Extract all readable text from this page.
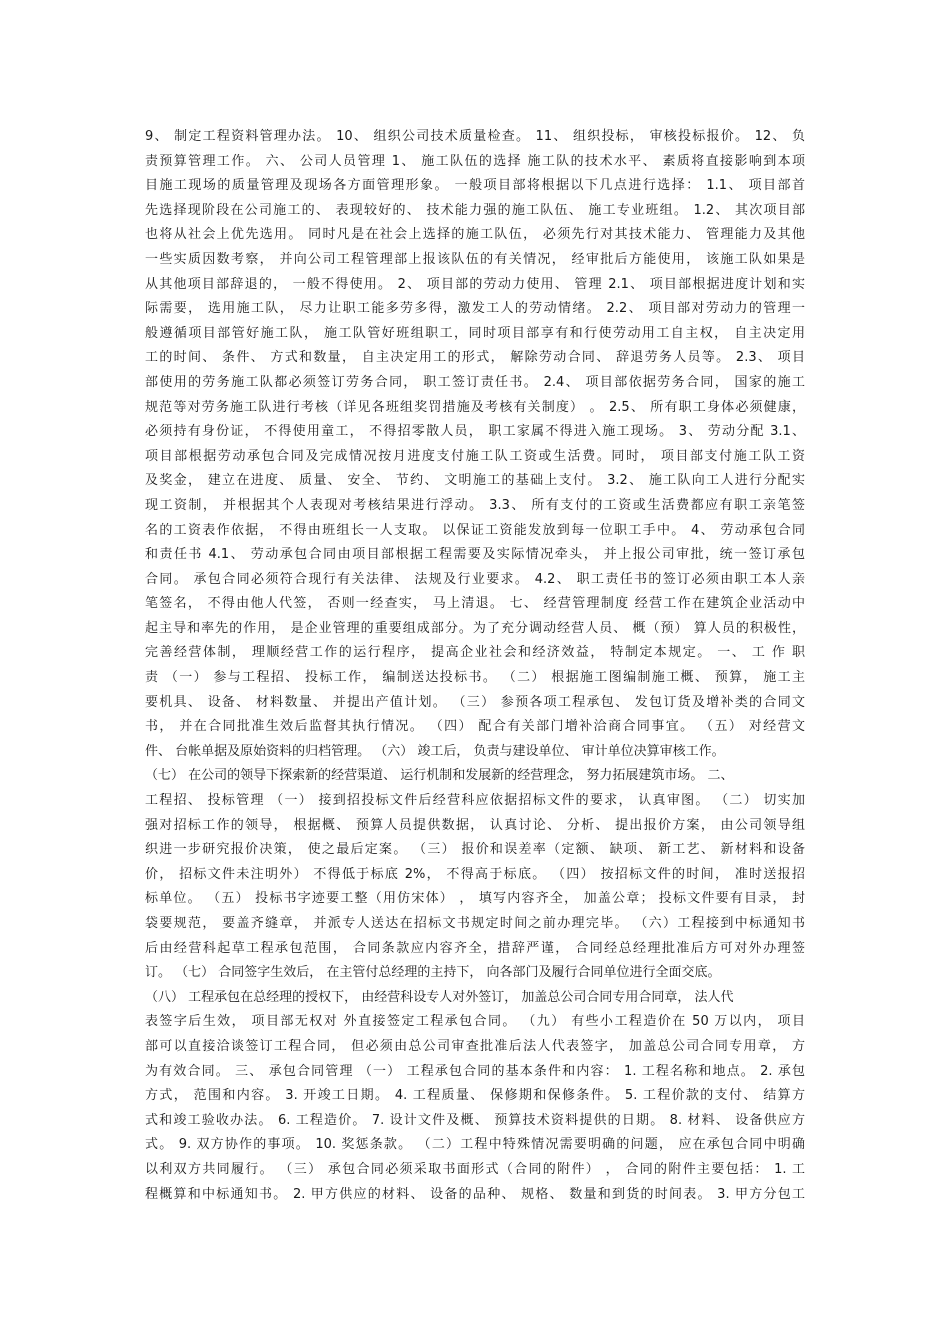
9、 制定工程资料管理办法。 10、 组织公司技术质量检查。 11、 组织投标， 审核投标报价。 12、 负
责预算管理工作。 六、 公司人员管理 1、 施工队伍的选择 施工队的技术水平、 素质将直接影响到本项
目施工现场的质量管理及现场各方面管理形象。 一般项目部将根据以下几点进行选择： 1.1、 项目部首
先选择现阶段在公司施工的、 表现较好的、 技术能力强的施工队伍、 施工专业班组。 1.2、 其次项目部
也将从社会上优先选用。 同时凡是在社会上选择的施工队伍， 必须先行对其技术能力、 管理能力及其他
一些实质因数考察， 并向公司工程管理部上报该队伍的有关情况， 经审批后方能使用， 该施工队如果是
从其他项目部辞退的， 一般不得使用。 2、 项目部的劳动力使用、 管理 2.1、 项目部根据进度计划和实
际需要， 选用施工队， 尽力让职工能多劳多得，激发工人的劳动情绪。 2.2、 项目部对劳动力的管理一
般遵循项目部管好施工队， 施工队管好班组职工，同时项目部享有和行使劳动用工自主权， 自主决定用
工的时间、 条件、 方式和数量， 自主决定用工的形式， 解除劳动合同、 辞退劳务人员等。 2.3、 项目
部使用的劳务施工队都必须签订劳务合同， 职工签订责任书。 2.4、 项目部依据劳务合同， 国家的施工
规范等对劳务施工队进行考核（详见各班组奖罚措施及考核有关制度） 。 2.5、 所有职工身体必须健康，
必须持有身份证， 不得使用童工， 不得招零散人员， 职工家属不得进入施工现场。 3、 劳动分配 3.1、
项目部根据劳动承包合同及完成情况按月进度支付施工队工资或生活费。同时， 项目部支付施工队工资
及奖金， 建立在进度、 质量、 安全、 节约、 文明施工的基础上支付。 3.2、 施工队向工人进行分配实
现工资制， 并根据其个人表现对考核结果进行浮动。 3.3、 所有支付的工资或生活费都应有职工亲笔签
名的工资表作依据， 不得由班组长一人支取。 以保证工资能发放到每一位职工手中。 4、 劳动承包合同
和责任书 4.1、 劳动承包合同由项目部根据工程需要及实际情况牵头， 并上报公司审批，统一签订承包
合同。 承包合同必须符合现行有关法律、 法规及行业要求。 4.2、 职工责任书的签订必须由职工本人亲
笔签名， 不得由他人代签， 否则一经查实， 马上清退。 七、 经营管理制度 经营工作在建筑企业活动中
起主导和率先的作用， 是企业管理的重要组成部分。为了充分调动经营人员、 概（预） 算人员的积极性，
完善经营体制， 理顺经营工作的运行程序， 提高企业社会和经济效益， 特制定本规定。 一、 工 作 职
责 （一） 参与工程招、 投标工作， 编制送达投标书。 （二） 根据施工图编制施工概、 预算， 施工主
要机具、 设备、 材料数量、 并提出产值计划。 （三） 参预各项工程承包、 发包订货及增补类的合同文
书， 并在合同批准生效后监督其执行情况。 （四） 配合有关部门增补洽商合同事宜。 （五） 对经营文
件、 台帐单据及原始资料的归档管理。 （六） 竣工后， 负责与建设单位、 审计单位决算审核工作。
（七） 在公司的领导下探索新的经营渠道、 运行机制和发展新的经营理念， 努力拓展建筑市场。 二、
工程招、 投标管理 （一） 接到招投标文件后经营科应依据招标文件的要求， 认真审图。 （二） 切实加
强对招标工作的领导， 根据概、 预算人员提供数据， 认真讨论、 分析、 提出报价方案， 由公司领导组
织进一步研究报价决策， 使之最后定案。 （三） 报价和误差率（定额、 缺项、 新工艺、 新材料和设备
价， 招标文件未注明外） 不得低于标底 2%， 不得高于标底。 （四） 按招标文件的时间， 准时送报招
标单位。 （五） 投标书字迹要工整（用仿宋体） ， 填写内容齐全， 加盖公章； 投标文件要有目录， 封
袋要规范， 要盖齐缝章， 并派专人送达在招标文书规定时间之前办理完毕。 （六）工程接到中标通知书
后由经营科起草工程承包范围， 合同条款应内容齐全，措辞严谨， 合同经总经理批准后方可对外办理签
订。 （七） 合同签字生效后， 在主管付总经理的主持下， 向各部门及履行合同单位进行全面交底。
（八） 工程承包在总经理的授权下， 由经营科设专人对外签订， 加盖总公司合同专用合同章， 法人代
表签字后生效， 项目部无权对 外直接签定工程承包合同。 （九） 有些小工程造价在 50 万以内， 项目
部可以直接洽谈签订工程合同， 但必须由总公司审查批准后法人代表签字， 加盖总公司合同专用章， 方
为有效合同。 三、 承包合同管理 （一） 工程承包合同的基本条件和内容： 1. 工程名称和地点。 2. 承包
方式， 范围和内容。 3. 开竣工日期。 4. 工程质量、 保修期和保修条件。 5. 工程价款的支付、 结算方
式和竣工验收办法。 6. 工程造价。 7. 设计文件及概、 预算技术资料提供的日期。 8. 材料、 设备供应方
式。 9. 双方协作的事项。 10. 奖惩条款。 （二）工程中特殊情况需要明确的问题， 应在承包合同中明确
以利双方共同履行。 （三） 承包合同必须采取书面形式（合同的附件） ， 合同的附件主要包括： 1. 工
程概算和中标通知书。 2. 甲方供应的材料、 设备的品种、 规格、 数量和到货的时间表。 3. 甲方分包工
